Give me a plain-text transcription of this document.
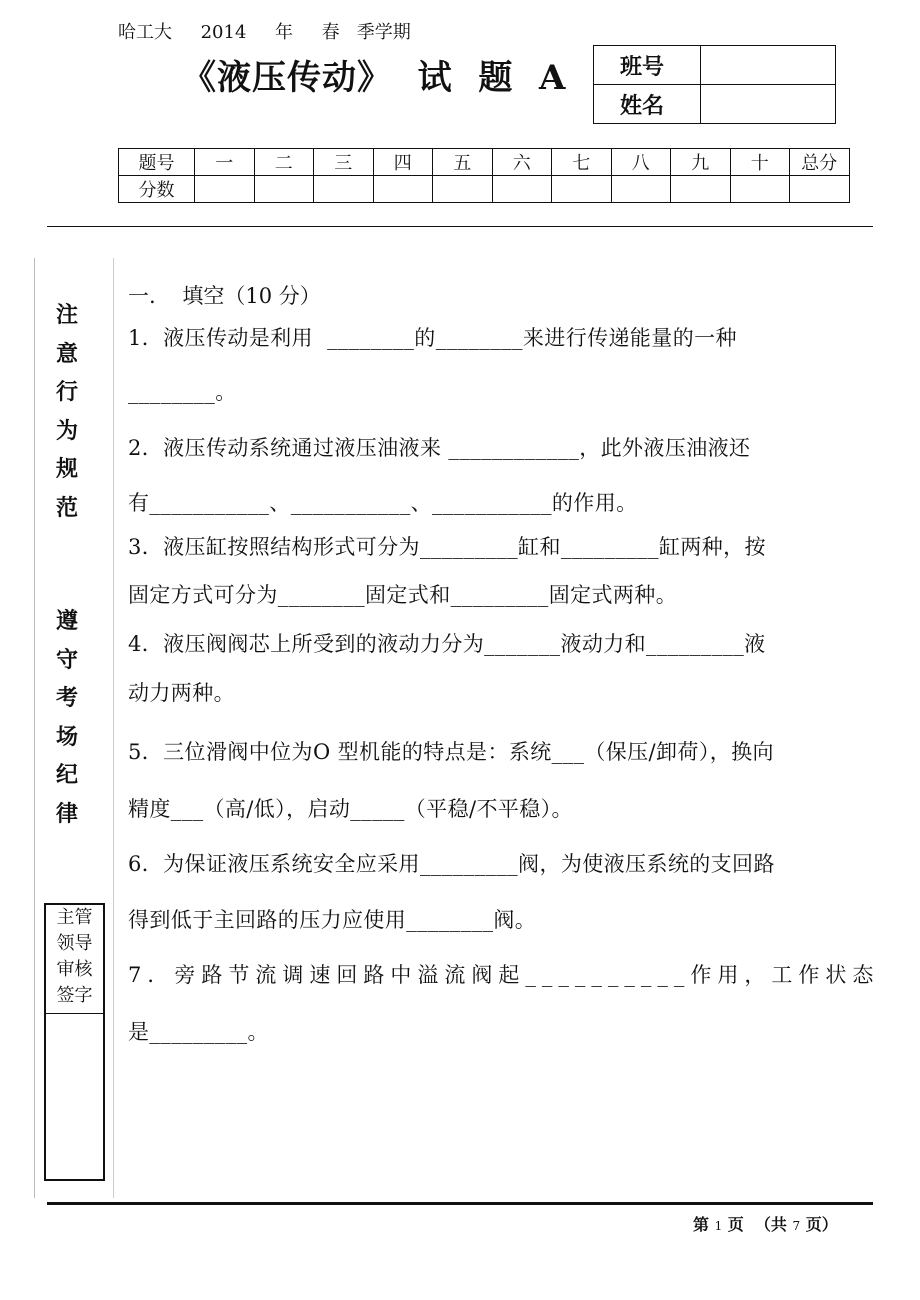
哈工大     2014     年     春   季学期
《液压传动》  试  题  A 班号	
姓名	
题号	一	二	三	四	五	六	七	八	九	十	总分
分数											
注
意
行
为
规
范
遵
守
考
场
纪
律
主管
领导
审核
签字
一.    填空（10 分）
1．液压传动是利用  ________的________来进行传递能量的一种
________。
2．液压传动系统通过液压油液来 ____________，此外液压油液还
有___________、___________、___________的作用。
3．液压缸按照结构形式可分为_________缸和_________缸两种，按
固定方式可分为________固定式和_________固定式两种。
4．液压阀阀芯上所受到的液动力分为_______液动力和_________液
动力两种。
5．三位滑阀中位为O 型机能的特点是：系统___（保压/卸荷），换向
精度___（高/低），启动_____（平稳/不平稳）。
6．为保证液压系统安全应采用_________阀，为使液压系统的支回路
得到低于主回路的压力应使用________阀。
7．旁路节流调速回路中溢流阀起__________作用，工作状态
是_________。
第 1 页  （共 7 页）
